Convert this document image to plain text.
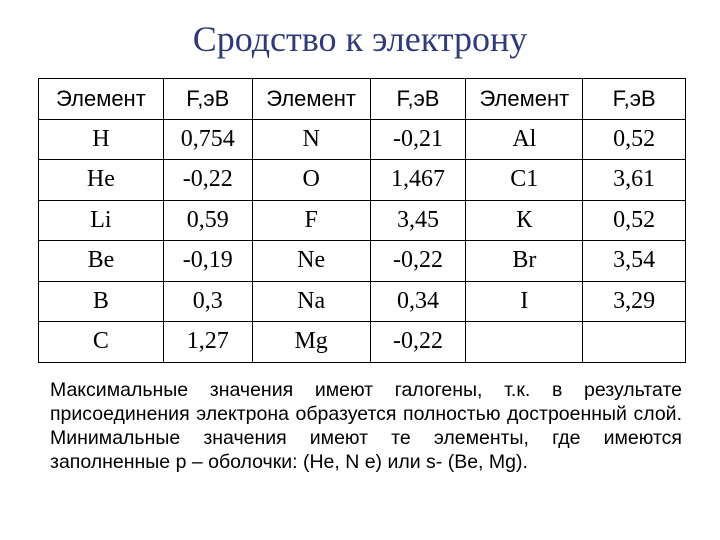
Сродство к электрону
Элемент	F,эВ	Элемент	F,эВ	Элемент	F,эВ
H	0,754	N	-0,21	Al	0,52
He	-0,22	O	1,467	C1	3,61
Li	0,59	F	3,45	К	0,52
Be	-0,19	Ne	-0,22	Br	3,54
B	0,3	Na	0,34	I	3,29
C	1,27	Mg	-0,22		
Максимальные значения имеют галогены, т.к. в результате присоединения электрона образуется полностью достроенный слой. Минимальные значения имеют те элементы, где имеются заполненные р – оболочки: (Не, N е) или s- (Be, Mg).
